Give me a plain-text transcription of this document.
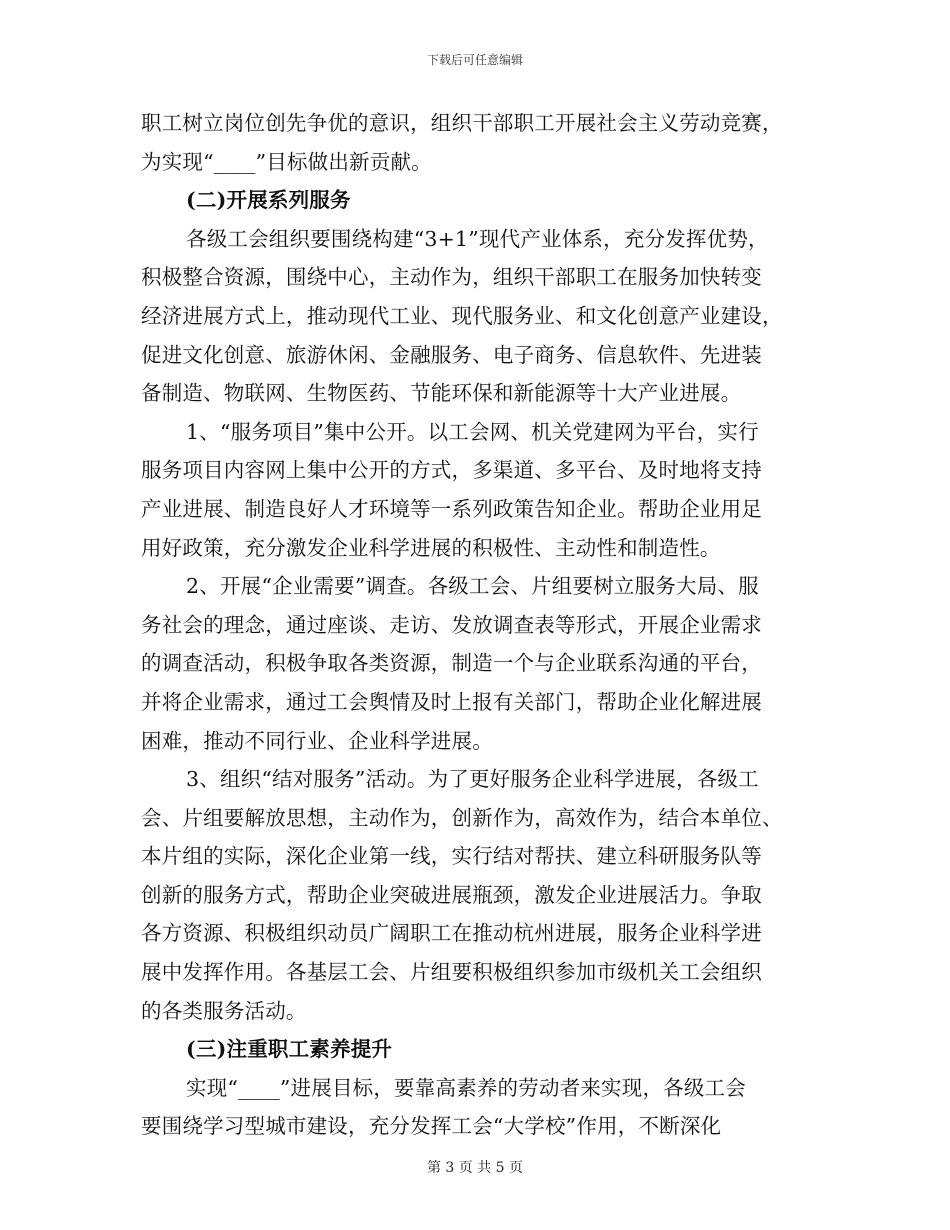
下载后可任意编辑
职工树立岗位创先争优的意识，组织干部职工开展社会主义劳动竞赛，
为实现“____”目标做出新贡献。
(二)开展系列服务
各级工会组织要围绕构建“3+1”现代产业体系，充分发挥优势，
积极整合资源，围绕中心，主动作为，组织干部职工在服务加快转变
经济进展方式上，推动现代工业、现代服务业、和文化创意产业建设，
促进文化创意、旅游休闲、金融服务、电子商务、信息软件、先进装
备制造、物联网、生物医药、节能环保和新能源等十大产业进展。
1、“服务项目”集中公开。以工会网、机关党建网为平台，实行
服务项目内容网上集中公开的方式，多渠道、多平台、及时地将支持
产业进展、制造良好人才环境等一系列政策告知企业。帮助企业用足
用好政策，充分激发企业科学进展的积极性、主动性和制造性。
2、开展“企业需要”调查。各级工会、片组要树立服务大局、服
务社会的理念，通过座谈、走访、发放调查表等形式，开展企业需求
的调查活动，积极争取各类资源，制造一个与企业联系沟通的平台，
并将企业需求，通过工会舆情及时上报有关部门，帮助企业化解进展
困难，推动不同行业、企业科学进展。
3、组织“结对服务”活动。为了更好服务企业科学进展，各级工
会、片组要解放思想，主动作为，创新作为，高效作为，结合本单位、
本片组的实际，深化企业第一线，实行结对帮扶、建立科研服务队等
创新的服务方式，帮助企业突破进展瓶颈，激发企业进展活力。争取
各方资源、积极组织动员广阔职工在推动杭州进展，服务企业科学进
展中发挥作用。各基层工会、片组要积极组织参加市级机关工会组织
的各类服务活动。
(三)注重职工素养提升
实现“____”进展目标，要靠高素养的劳动者来实现，各级工会
要围绕学习型城市建设，充分发挥工会“大学校”作用，不断深化
第 3 页 共 5 页
